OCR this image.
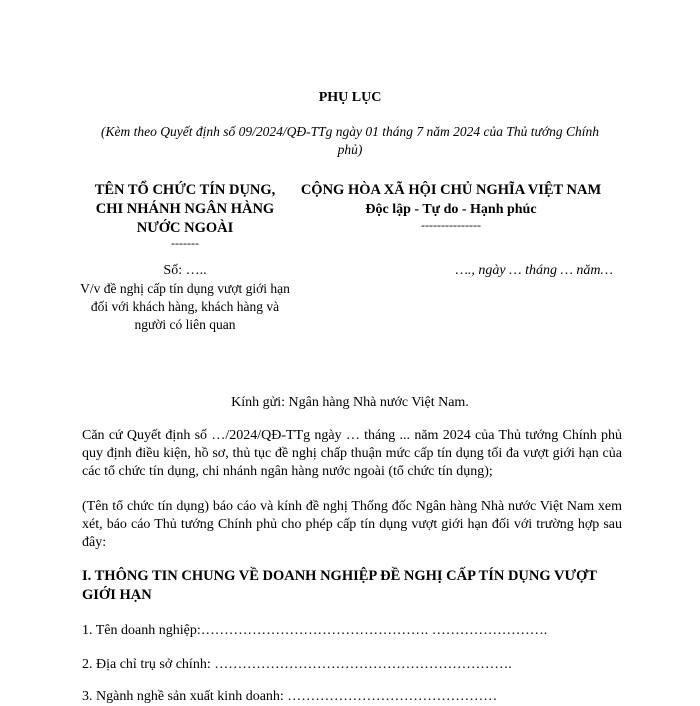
PHỤ LỤC
(Kèm theo Quyết định số 09/2024/QĐ-TTg ngày 01 tháng 7 năm 2024 của Thủ tướng Chính phủ)
TÊN TỔ CHỨC TÍN DỤNG,
CHI NHÁNH NGÂN HÀNG
NƯỚC NGOÀI
-------
CỘNG HÒA XÃ HỘI CHỦ NGHĨA VIỆT NAM
Độc lập - Tự do - Hạnh phúc
---------------
Số: …..	…., ngày … tháng … năm…
V/v đề nghị cấp tín dụng vượt giới hạn đối với khách hàng, khách hàng và người có liên quan
Kính gửi: Ngân hàng Nhà nước Việt Nam.
Căn cứ Quyết định số …/2024/QĐ-TTg ngày … tháng ... năm 2024 của Thủ tướng Chính phủ quy định điều kiện, hồ sơ, thủ tục đề nghị chấp thuận mức cấp tín dụng tối đa vượt giới hạn của các tổ chức tín dụng, chi nhánh ngân hàng nước ngoài (tổ chức tín dụng);
(Tên tổ chức tín dụng) báo cáo và kính đề nghị Thống đốc Ngân hàng Nhà nước Việt Nam xem xét, báo cáo Thủ tướng Chính phủ cho phép cấp tín dụng vượt giới hạn đối với trường hợp sau đây:
I. THÔNG TIN CHUNG VỀ DOANH NGHIỆP ĐỀ NGHỊ CẤP TÍN DỤNG VƯỢT GIỚI HẠN
1. Tên doanh nghiệp:…………………………………………. …………………….
2. Địa chỉ trụ sở chính: ……………………………………………………….
3. Ngành nghề sản xuất kinh doanh: ………………………………………
